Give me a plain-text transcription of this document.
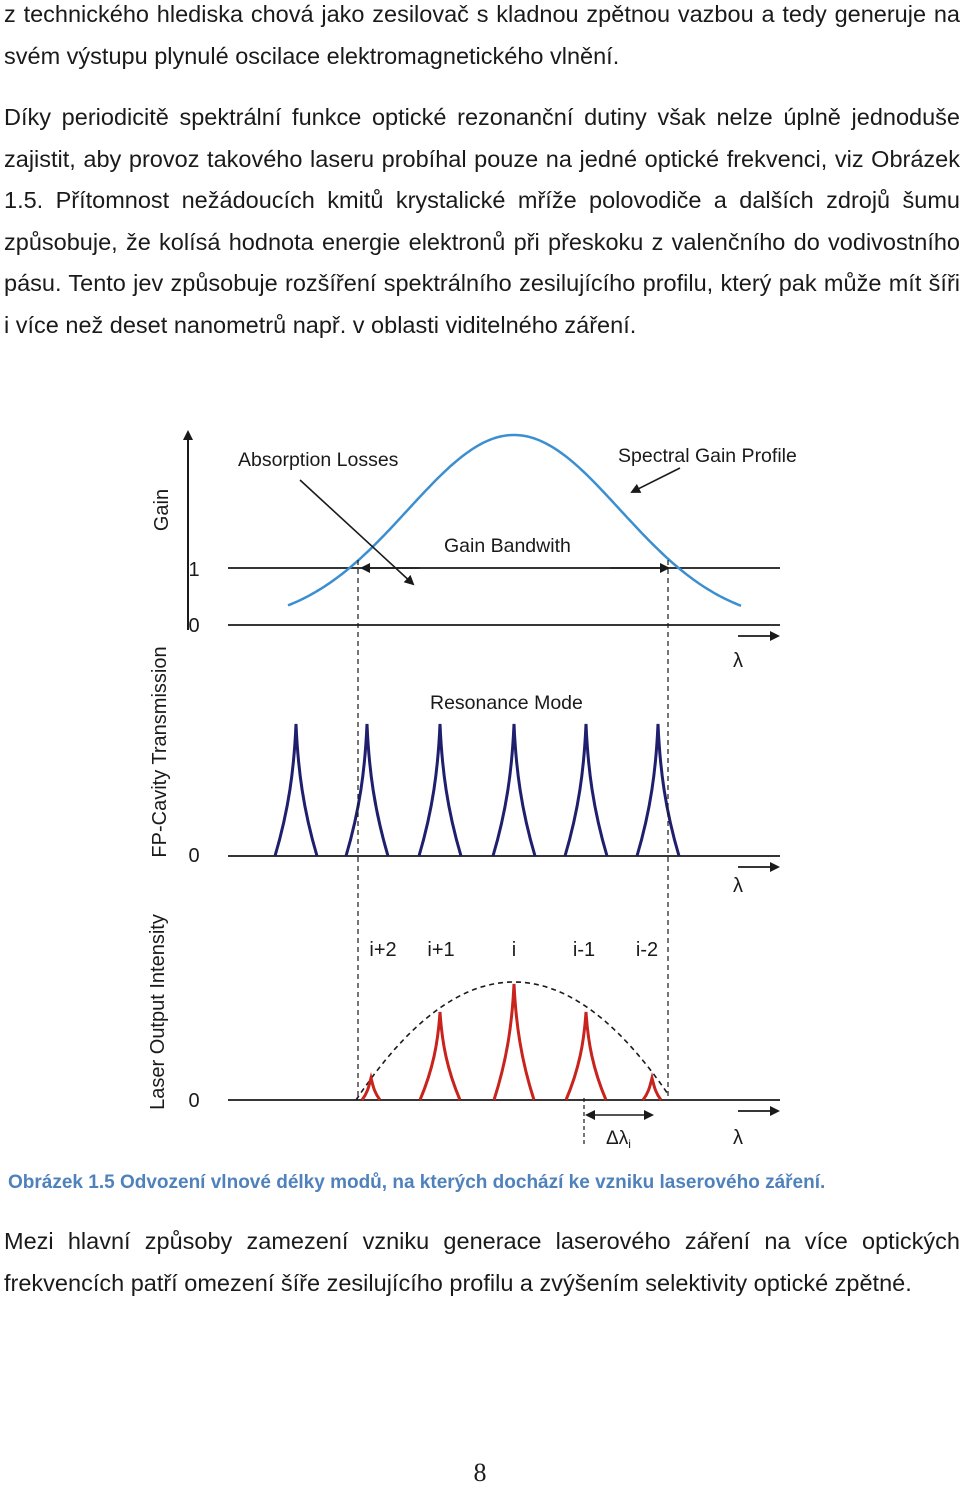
z technického hlediska chová jako zesilovač s kladnou zpětnou vazbou a tedy generuje na svém výstupu plynulé oscilace elektromagnetického vlnění.

Díky periodicitě spektrální funkce optické rezonanční dutiny však nelze úplně jednoduše zajistit, aby provoz takového laseru probíhal pouze na jedné optické frekvenci, viz Obrázek 1.5. Přítomnost nežádoucích kmitů krystalické mříže polovodiče a dalších zdrojů šumu způsobuje, že kolísá hodnota energie elektronů při přeskoku z valenčního do vodivostního pásu. Tento jev způsobuje rozšíření spektrálního zesilujícího profilu, který pak může mít šíři i více než deset nanometrů např. v oblasti viditelného záření.

Gain
1
0
λ
Absorption Losses	Spectral Gain Profile
Gain Bandwith
FP-Cavity Transmission 0
λ
Resonance Mode
Laser Output Intensity 0
λ
i+2 i+1	i	i-1 i-2
$\Delta\lambda_i$

Obrázek 1.5 Odvození vlnové délky modů, na kterých dochází ke vzniku laserového záření.

Mezi hlavní způsoby zamezení vzniku generace laserového záření na více optických frekvencích patří omezení šíře zesilujícího profilu a zvýšením selektivity optické zpětné.

8
